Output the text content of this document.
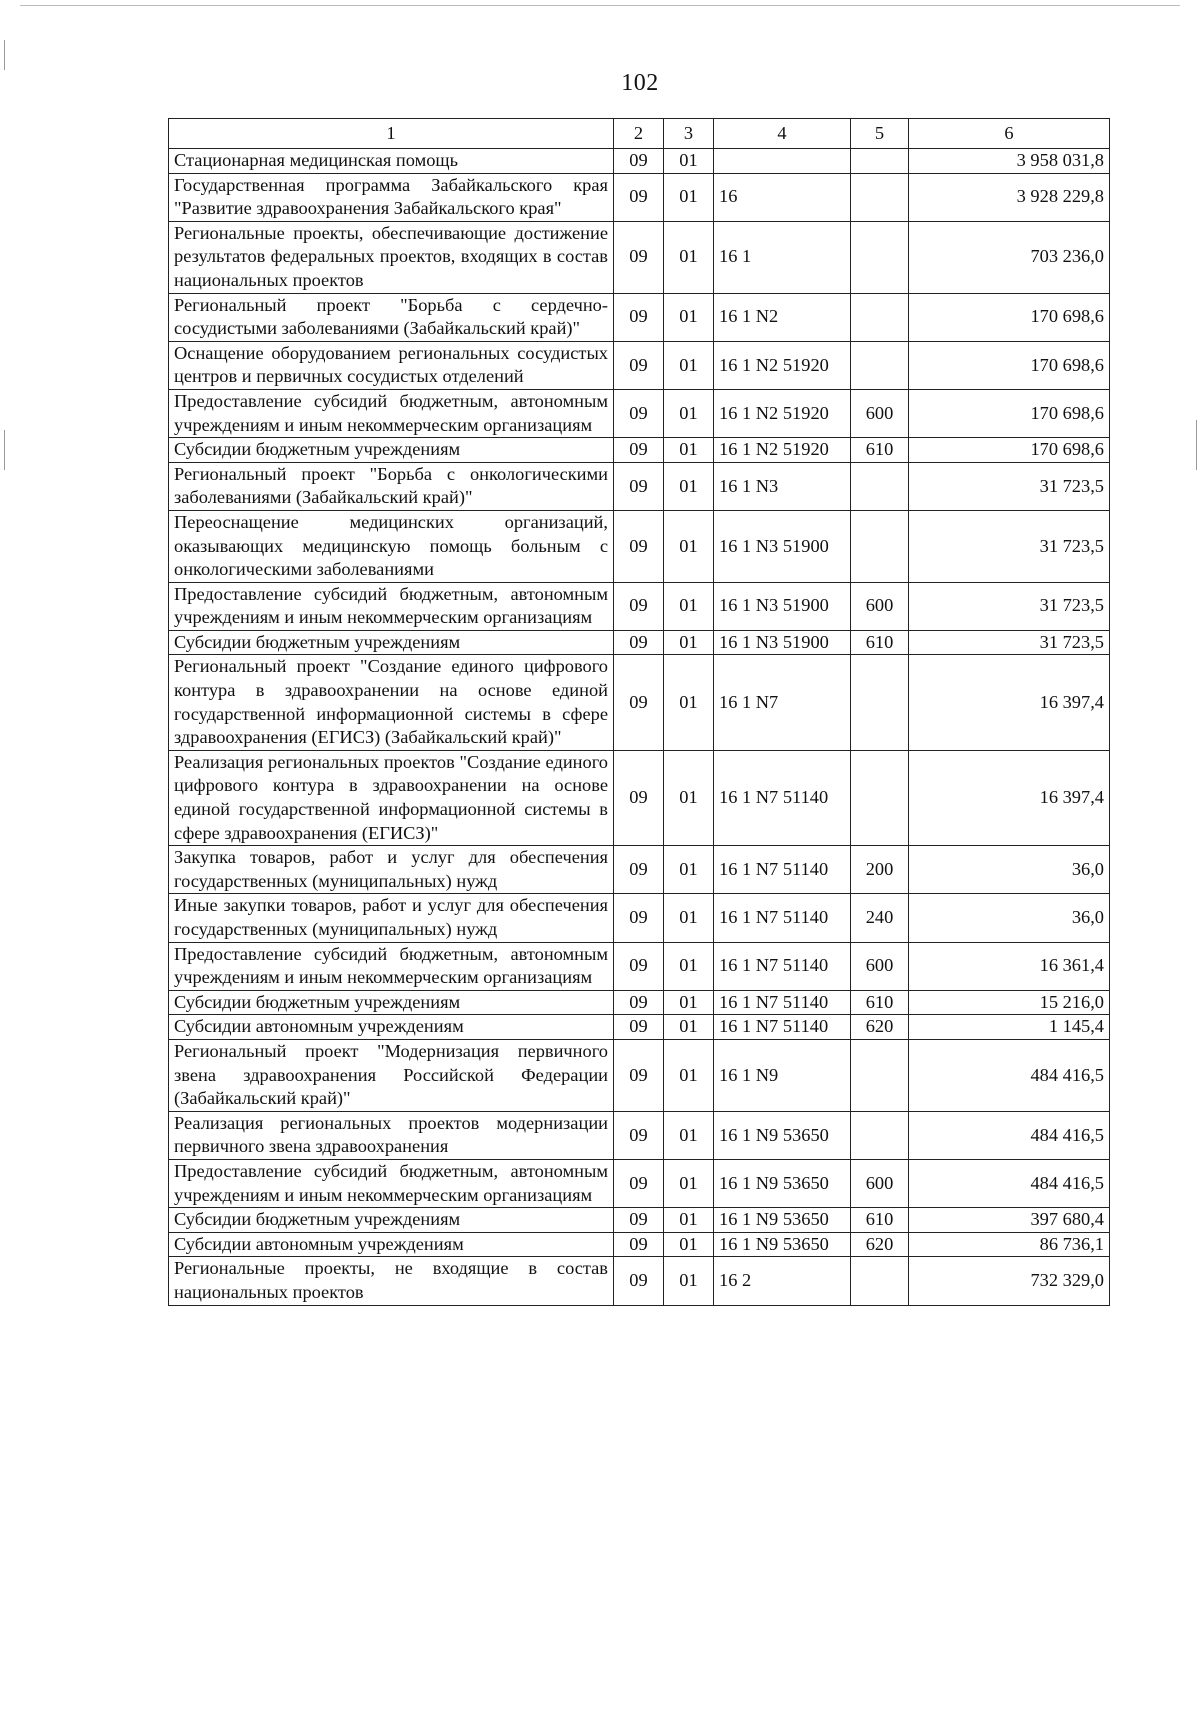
102
1	2	3	4	5	6
Стационарная медицинская помощь	09	01			3 958 031,8
Государственная программа Забайкальского края "Развитие здравоохранения Забайкальского края"	09	01	16		3 928 229,8
Региональные проекты, обеспечивающие достижение результатов федеральных проектов, входящих в состав национальных проектов	09	01	16 1		703 236,0
Региональный проект "Борьба с сердечно-сосудистыми заболеваниями (Забайкальский край)"	09	01	16 1 N2		170 698,6
Оснащение оборудованием региональных сосудистых центров и первичных сосудистых отделений	09	01	16 1 N2 51920		170 698,6
Предоставление субсидий бюджетным, автономным учреждениям и иным некоммерческим организациям	09	01	16 1 N2 51920	600	170 698,6
Субсидии бюджетным учреждениям	09	01	16 1 N2 51920	610	170 698,6
Региональный проект "Борьба с онкологическими заболеваниями (Забайкальский край)"	09	01	16 1 N3		31 723,5
Переоснащение медицинских организаций, оказывающих медицинскую помощь больным с онкологическими заболеваниями	09	01	16 1 N3 51900		31 723,5
Предоставление субсидий бюджетным, автономным учреждениям и иным некоммерческим организациям	09	01	16 1 N3 51900	600	31 723,5
Субсидии бюджетным учреждениям	09	01	16 1 N3 51900	610	31 723,5
Региональный проект "Создание единого цифрового контура в здравоохранении на основе единой государственной информационной системы в сфере здравоохранения (ЕГИСЗ) (Забайкальский край)"	09	01	16 1 N7		16 397,4
Реализация региональных проектов "Создание единого цифрового контура в здравоохранении на основе единой государственной информационной системы в сфере здравоохранения (ЕГИСЗ)"	09	01	16 1 N7 51140		16 397,4
Закупка товаров, работ и услуг для обеспечения государственных (муниципальных) нужд	09	01	16 1 N7 51140	200	36,0
Иные закупки товаров, работ и услуг для обеспечения государственных (муниципальных) нужд	09	01	16 1 N7 51140	240	36,0
Предоставление субсидий бюджетным, автономным учреждениям и иным некоммерческим организациям	09	01	16 1 N7 51140	600	16 361,4
Субсидии бюджетным учреждениям	09	01	16 1 N7 51140	610	15 216,0
Субсидии автономным учреждениям	09	01	16 1 N7 51140	620	1 145,4
Региональный проект "Модернизация первичного звена здравоохранения Российской Федерации (Забайкальский край)"	09	01	16 1 N9		484 416,5
Реализация региональных проектов модернизации первичного звена здравоохранения	09	01	16 1 N9 53650		484 416,5
Предоставление субсидий бюджетным, автономным учреждениям и иным некоммерческим организациям	09	01	16 1 N9 53650	600	484 416,5
Субсидии бюджетным учреждениям	09	01	16 1 N9 53650	610	397 680,4
Субсидии автономным учреждениям	09	01	16 1 N9 53650	620	86 736,1
Региональные проекты, не входящие в состав национальных проектов	09	01	16 2		732 329,0
